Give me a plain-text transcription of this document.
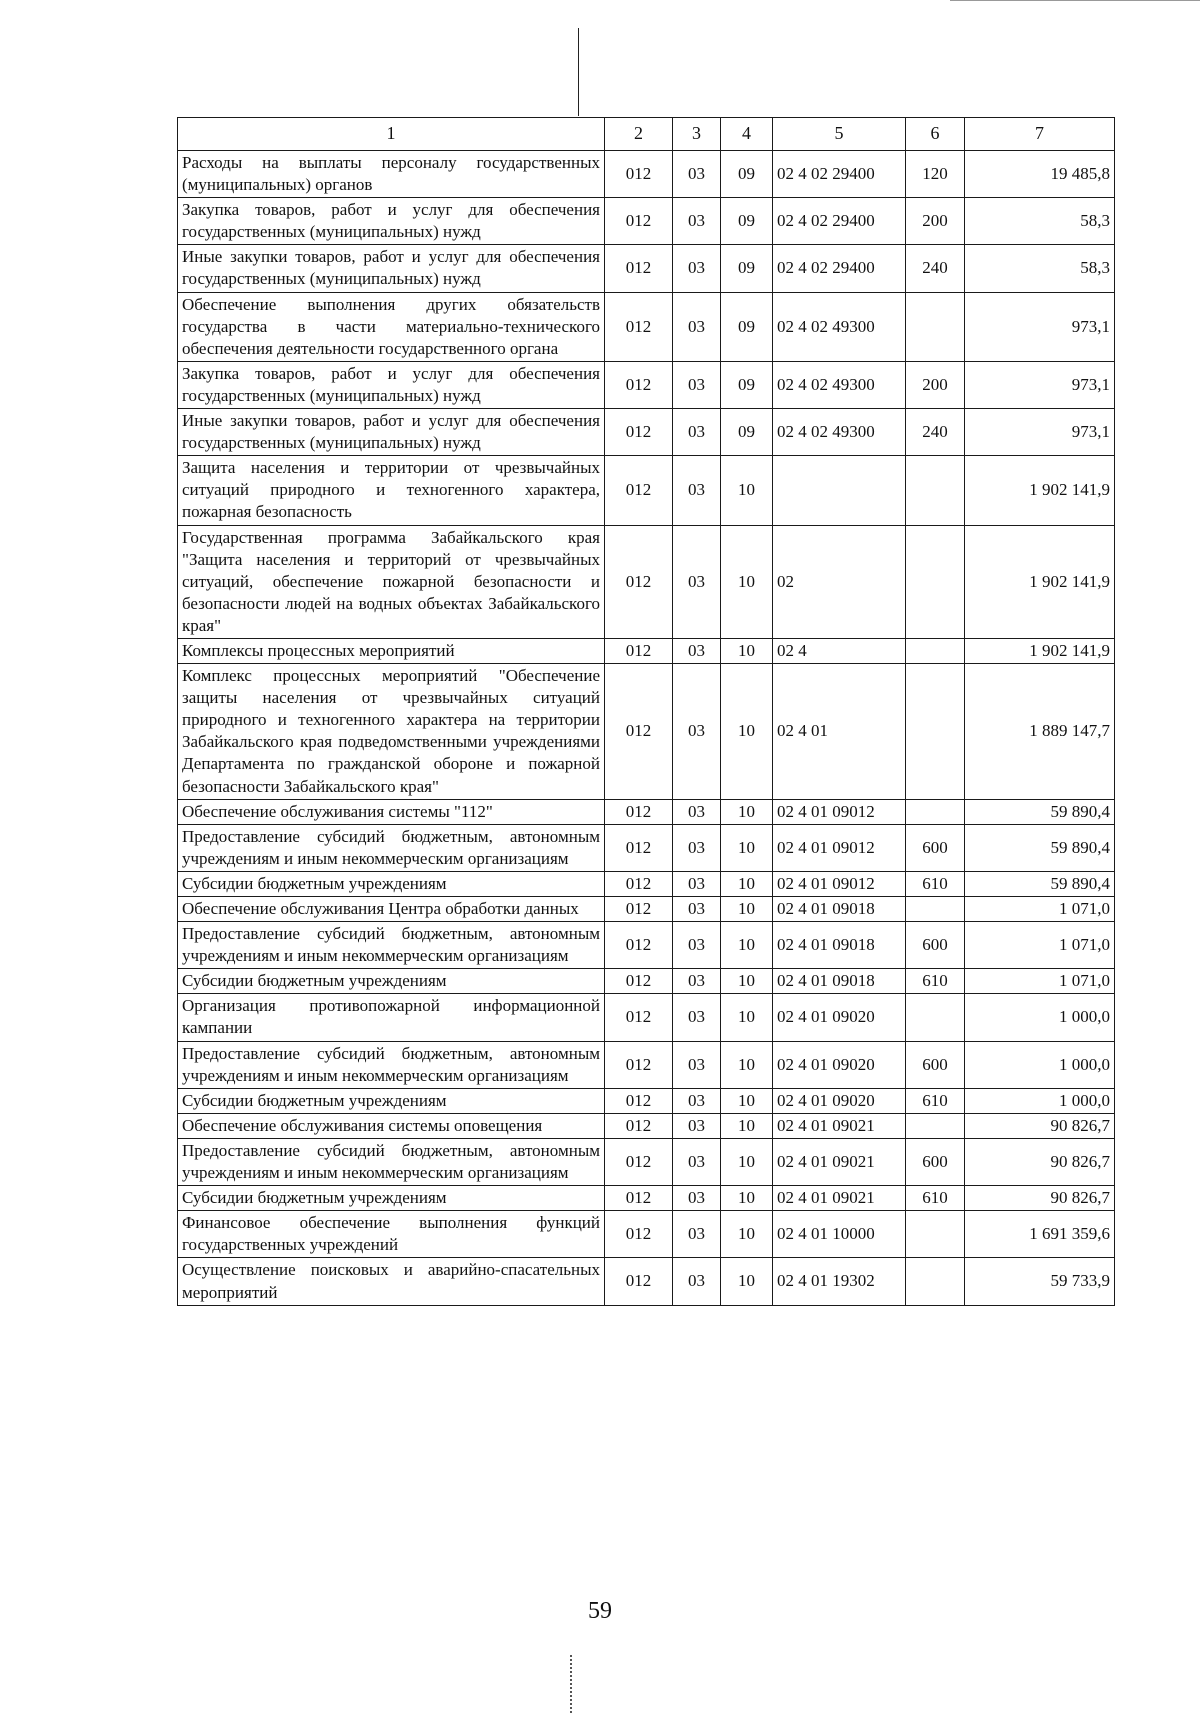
1	2	3	4	5	6	7
Расходы на выплаты персоналу государственных (муниципальных) органов	012	03	09	02 4 02 29400	120	19 485,8
Закупка товаров, работ и услуг для обеспечения государственных (муниципальных) нужд	012	03	09	02 4 02 29400	200	58,3
Иные закупки товаров, работ и услуг для обеспечения государственных (муниципальных) нужд	012	03	09	02 4 02 29400	240	58,3
Обеспечение выполнения других обязательств государства в части материально-технического обеспечения деятельности государственного органа	012	03	09	02 4 02 49300		973,1
Закупка товаров, работ и услуг для обеспечения государственных (муниципальных) нужд	012	03	09	02 4 02 49300	200	973,1
Иные закупки товаров, работ и услуг для обеспечения государственных (муниципальных) нужд	012	03	09	02 4 02 49300	240	973,1
Защита населения и территории от чрезвычайных ситуаций природного и техногенного характера, пожарная безопасность	012	03	10			1 902 141,9
Государственная программа Забайкальского края "Защита населения и территорий от чрезвычайных ситуаций, обеспечение пожарной безопасности и безопасности людей на водных объектах Забайкальского края"	012	03	10	02		1 902 141,9
Комплексы процессных мероприятий	012	03	10	02 4		1 902 141,9
Комплекс процессных мероприятий "Обеспечение защиты населения от чрезвычайных ситуаций природного и техногенного характера на территории Забайкальского края подведомственными учреждениями Департамента по гражданской обороне и пожарной безопасности Забайкальского края"	012	03	10	02 4 01		1 889 147,7
Обеспечение обслуживания системы "112"	012	03	10	02 4 01 09012		59 890,4
Предоставление субсидий бюджетным, автономным учреждениям и иным некоммерческим организациям	012	03	10	02 4 01 09012	600	59 890,4
Субсидии бюджетным учреждениям	012	03	10	02 4 01 09012	610	59 890,4
Обеспечение обслуживания Центра обработки данных	012	03	10	02 4 01 09018		1 071,0
Предоставление субсидий бюджетным, автономным учреждениям и иным некоммерческим организациям	012	03	10	02 4 01 09018	600	1 071,0
Субсидии бюджетным учреждениям	012	03	10	02 4 01 09018	610	1 071,0
Организация противопожарной информационной кампании	012	03	10	02 4 01 09020		1 000,0
Предоставление субсидий бюджетным, автономным учреждениям и иным некоммерческим организациям	012	03	10	02 4 01 09020	600	1 000,0
Субсидии бюджетным учреждениям	012	03	10	02 4 01 09020	610	1 000,0
Обеспечение обслуживания системы оповещения	012	03	10	02 4 01 09021		90 826,7
Предоставление субсидий бюджетным, автономным учреждениям и иным некоммерческим организациям	012	03	10	02 4 01 09021	600	90 826,7
Субсидии бюджетным учреждениям	012	03	10	02 4 01 09021	610	90 826,7
Финансовое обеспечение выполнения функций государственных учреждений	012	03	10	02 4 01 10000		1 691 359,6
Осуществление поисковых и аварийно-спасательных мероприятий	012	03	10	02 4 01 19302		59 733,9
59
